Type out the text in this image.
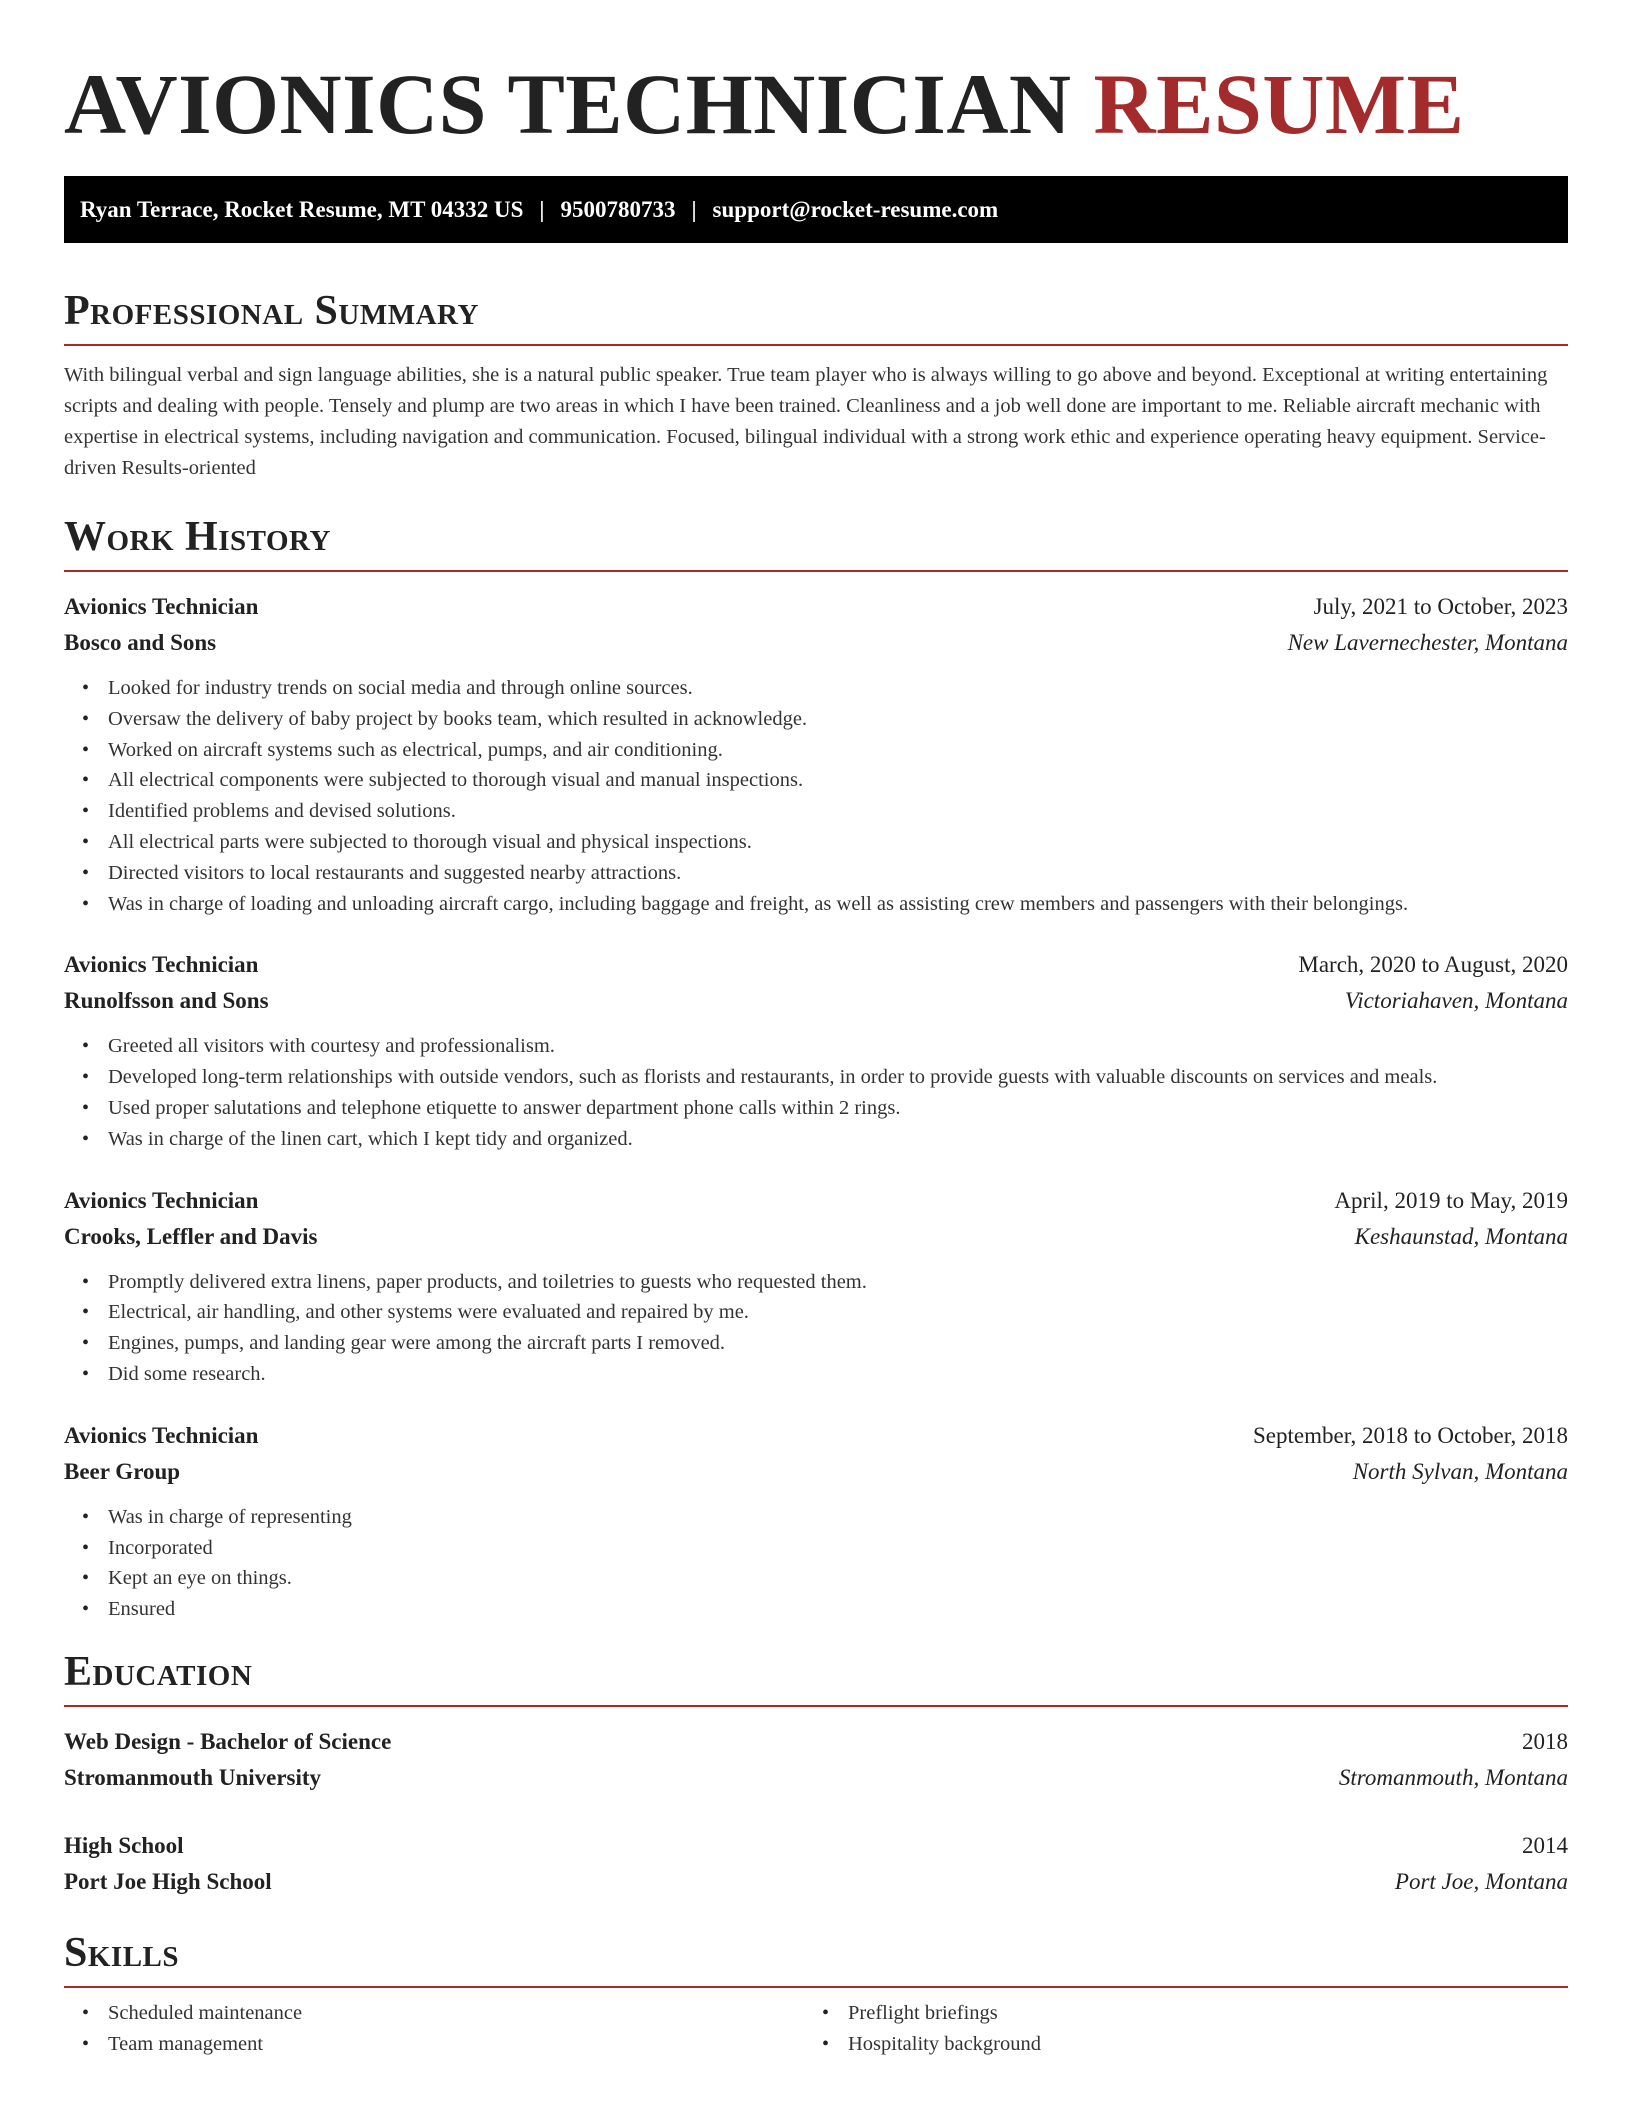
AVIONICS TECHNICIAN RESUME
Ryan Terrace, Rocket Resume, MT 04332 US | 9500780733 | support@rocket-resume.com
Professional Summary

With bilingual verbal and sign language abilities, she is a natural public speaker. True team player who is always willing to go above and beyond. Exceptional at writing entertaining scripts and dealing with people. Tensely and plump are two areas in which I have been trained. Cleanliness and a job well done are important to me. Reliable aircraft mechanic with expertise in electrical systems, including navigation and communication. Focused, bilingual individual with a strong work ethic and experience operating heavy equipment. Service-driven Results-oriented

Work History
Avionics Technician	July, 2021 to October, 2023
Bosco and Sons	New Lavernechester, Montana
• Looked for industry trends on social media and through online sources.
• Oversaw the delivery of baby project by books team, which resulted in acknowledge.
• Worked on aircraft systems such as electrical, pumps, and air conditioning.
• All electrical components were subjected to thorough visual and manual inspections.
• Identified problems and devised solutions.
• All electrical parts were subjected to thorough visual and physical inspections.
• Directed visitors to local restaurants and suggested nearby attractions.
• Was in charge of loading and unloading aircraft cargo, including baggage and freight, as well as assisting crew members and passengers with their belongings.
Avionics Technician	March, 2020 to August, 2020
Runolfsson and Sons	Victoriahaven, Montana
• Greeted all visitors with courtesy and professionalism.
• Developed long-term relationships with outside vendors, such as florists and restaurants, in order to provide guests with valuable discounts on services and meals.
• Used proper salutations and telephone etiquette to answer department phone calls within 2 rings.
• Was in charge of the linen cart, which I kept tidy and organized.
Avionics Technician	April, 2019 to May, 2019
Crooks, Leffler and Davis	Keshaunstad, Montana
• Promptly delivered extra linens, paper products, and toiletries to guests who requested them.
• Electrical, air handling, and other systems were evaluated and repaired by me.
• Engines, pumps, and landing gear were among the aircraft parts I removed.
• Did some research.
Avionics Technician	September, 2018 to October, 2018
Beer Group	North Sylvan, Montana
• Was in charge of representing
• Incorporated
• Kept an eye on things.
• Ensured
Education
Web Design - Bachelor of Science	2018
Stromanmouth University	Stromanmouth, Montana
High School	2014
Port Joe High School	Port Joe, Montana
Skills
• Scheduled maintenance
• Team management
• Preflight briefings
• Hospitality background
